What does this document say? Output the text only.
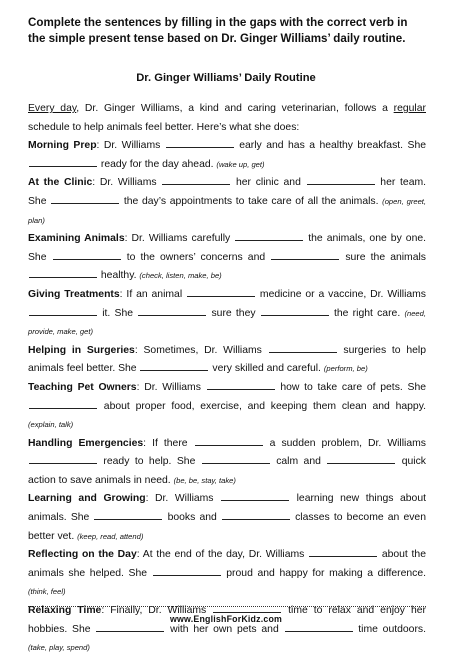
Complete the sentences by filling in the gaps with the correct verb in the simple present tense based on Dr. Ginger Williams’ daily routine.
Dr. Ginger Williams’ Daily Routine

Every day, Dr. Ginger Williams, a kind and caring veterinarian, follows a regular schedule to help animals feel better. Here’s what she does:

Morning Prep: Dr. Williams	early and has a healthy breakfast. She  ready for the day ahead. (wake up, get)

At the Clinic: Dr. Williams	her clinic and	her team. She	the day’s appointments to take care of all the animals. (open, greet, plan)

Examining Animals: Dr. Williams carefully	the animals, one by one. She	to the owners’ concerns and	sure the animals  healthy. (check, listen, make, be)

Giving Treatments: If an animal	medicine or a vaccine, Dr. Williams  it. She	sure they	the right care. (need, provide, make, get)

Helping in Surgeries: Sometimes, Dr. Williams	surgeries to help animals feel better. She	very skilled and careful. (perform, be)

Teaching Pet Owners: Dr. Williams	how to take care of pets. She  about proper food, exercise, and keeping them clean and happy. (explain, talk)

Handling Emergencies: If there	a sudden problem, Dr. Williams  ready to help. She	calm and	quick action to save animals in need. (be, be, stay, take)

Learning and Growing: Dr. Williams	learning new things about animals. She	books and	classes to become an even better vet. (keep, read, attend)

Reflecting on the Day: At the end of the day, Dr. Williams	about the animals she helped. She	proud and happy for making a difference. (think, feel)

Relaxing Time: Finally, Dr. Williams	time to relax and enjoy her hobbies. She	with her own pets and	time outdoors. (take, play, spend)

www.EnglishForKidz.com
